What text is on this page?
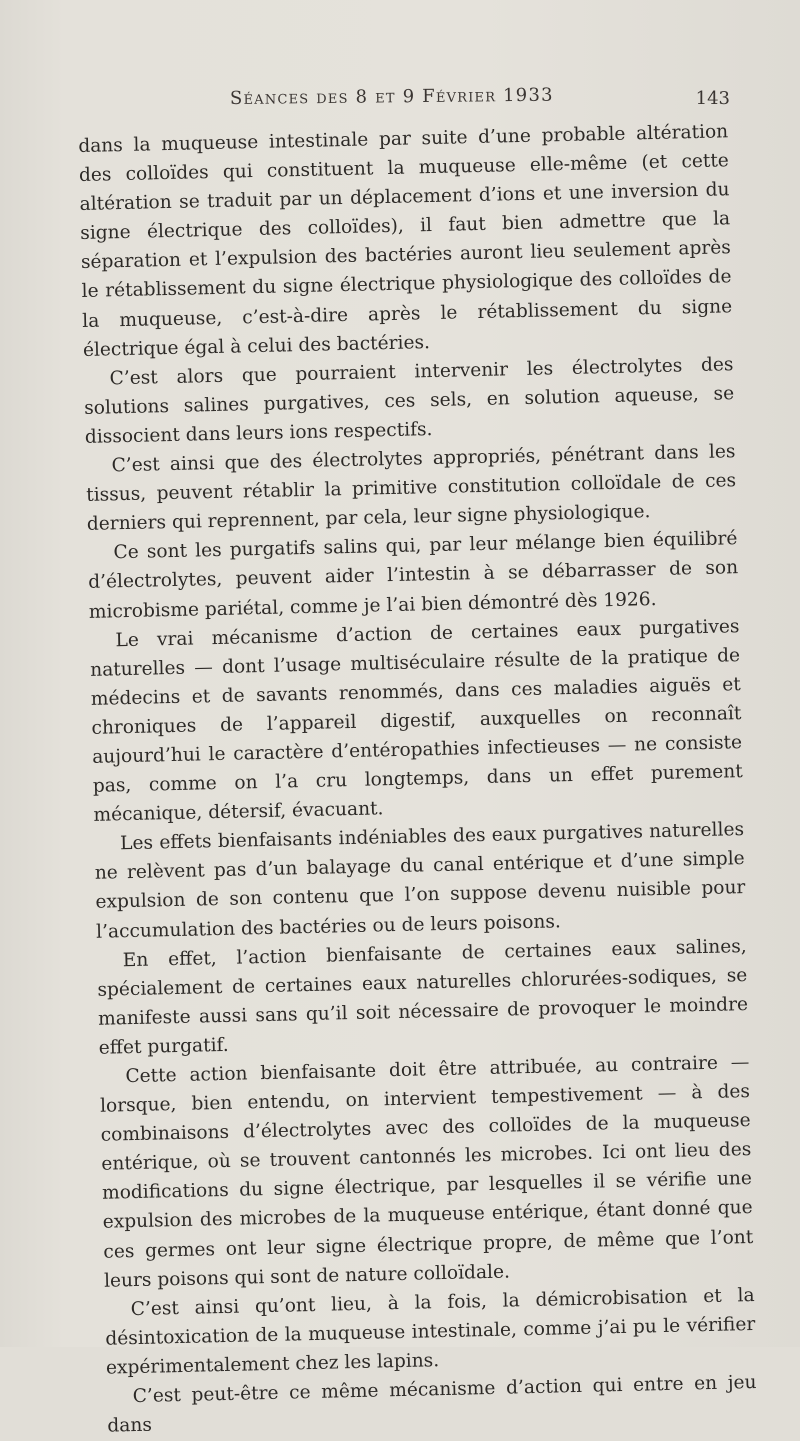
Séances des 8 et 9 Février 1933	143

dans la muqueuse intestinale par suite d’une probable altération des colloïdes qui constituent la muqueuse elle-même (et cette altération se traduit par un déplacement d’ions et une inversion du signe électrique des colloïdes), il faut bien admettre que la séparation et l’expulsion des bactéries auront lieu seulement après le rétablissement du signe électrique physiologique des colloïdes de la muqueuse, c’est-à-dire après le rétablissement du signe électrique égal à celui des bactéries.

C’est alors que pourraient intervenir les électrolytes des solutions salines purgatives, ces sels, en solution aqueuse, se dissocient dans leurs ions respectifs.

C’est ainsi que des électrolytes appropriés, pénétrant dans les tissus, peuvent rétablir la primitive constitution colloïdale de ces derniers qui reprennent, par cela, leur signe physiologique.

Ce sont les purgatifs salins qui, par leur mélange bien équilibré d’électrolytes, peuvent aider l’intestin à se débarrasser de son microbisme pariétal, comme je l’ai bien démontré dès 1926.

Le vrai mécanisme d’action de certaines eaux purgatives naturelles — dont l’usage multiséculaire résulte de la pratique de médecins et de savants renommés, dans ces maladies aiguës et chroniques de l’appareil digestif, auxquelles on reconnaît aujourd’hui le caractère d’entéropathies infectieuses — ne consiste pas, comme on l’a cru longtemps, dans un effet purement mécanique, détersif, évacuant.

Les effets bienfaisants indéniables des eaux purgatives naturelles ne relèvent pas d’un balayage du canal entérique et d’une simple expulsion de son contenu que l’on suppose devenu nuisible pour l’accumulation des bactéries ou de leurs poisons.

En effet, l’action bienfaisante de certaines eaux salines, spécialement de certaines eaux naturelles chlorurées-sodiques, se manifeste aussi sans qu’il soit nécessaire de provoquer le moindre effet purgatif.

Cette action bienfaisante doit être attribuée, au contraire — lorsque, bien entendu, on intervient tempestivement — à des combinaisons d’électrolytes avec des colloïdes de la muqueuse entérique, où se trouvent cantonnés les microbes. Ici ont lieu des modifications du signe électrique, par lesquelles il se vérifie une expulsion des microbes de la muqueuse entérique, étant donné que ces germes ont leur signe électrique propre, de même que l’ont leurs poisons qui sont de nature colloïdale.

C’est ainsi qu’ont lieu, à la fois, la démicrobisation et la désintoxication de la muqueuse intestinale, comme j’ai pu le vérifier expérimentalement chez les lapins.

C’est peut-être ce même mécanisme d’action qui entre en jeu dans
